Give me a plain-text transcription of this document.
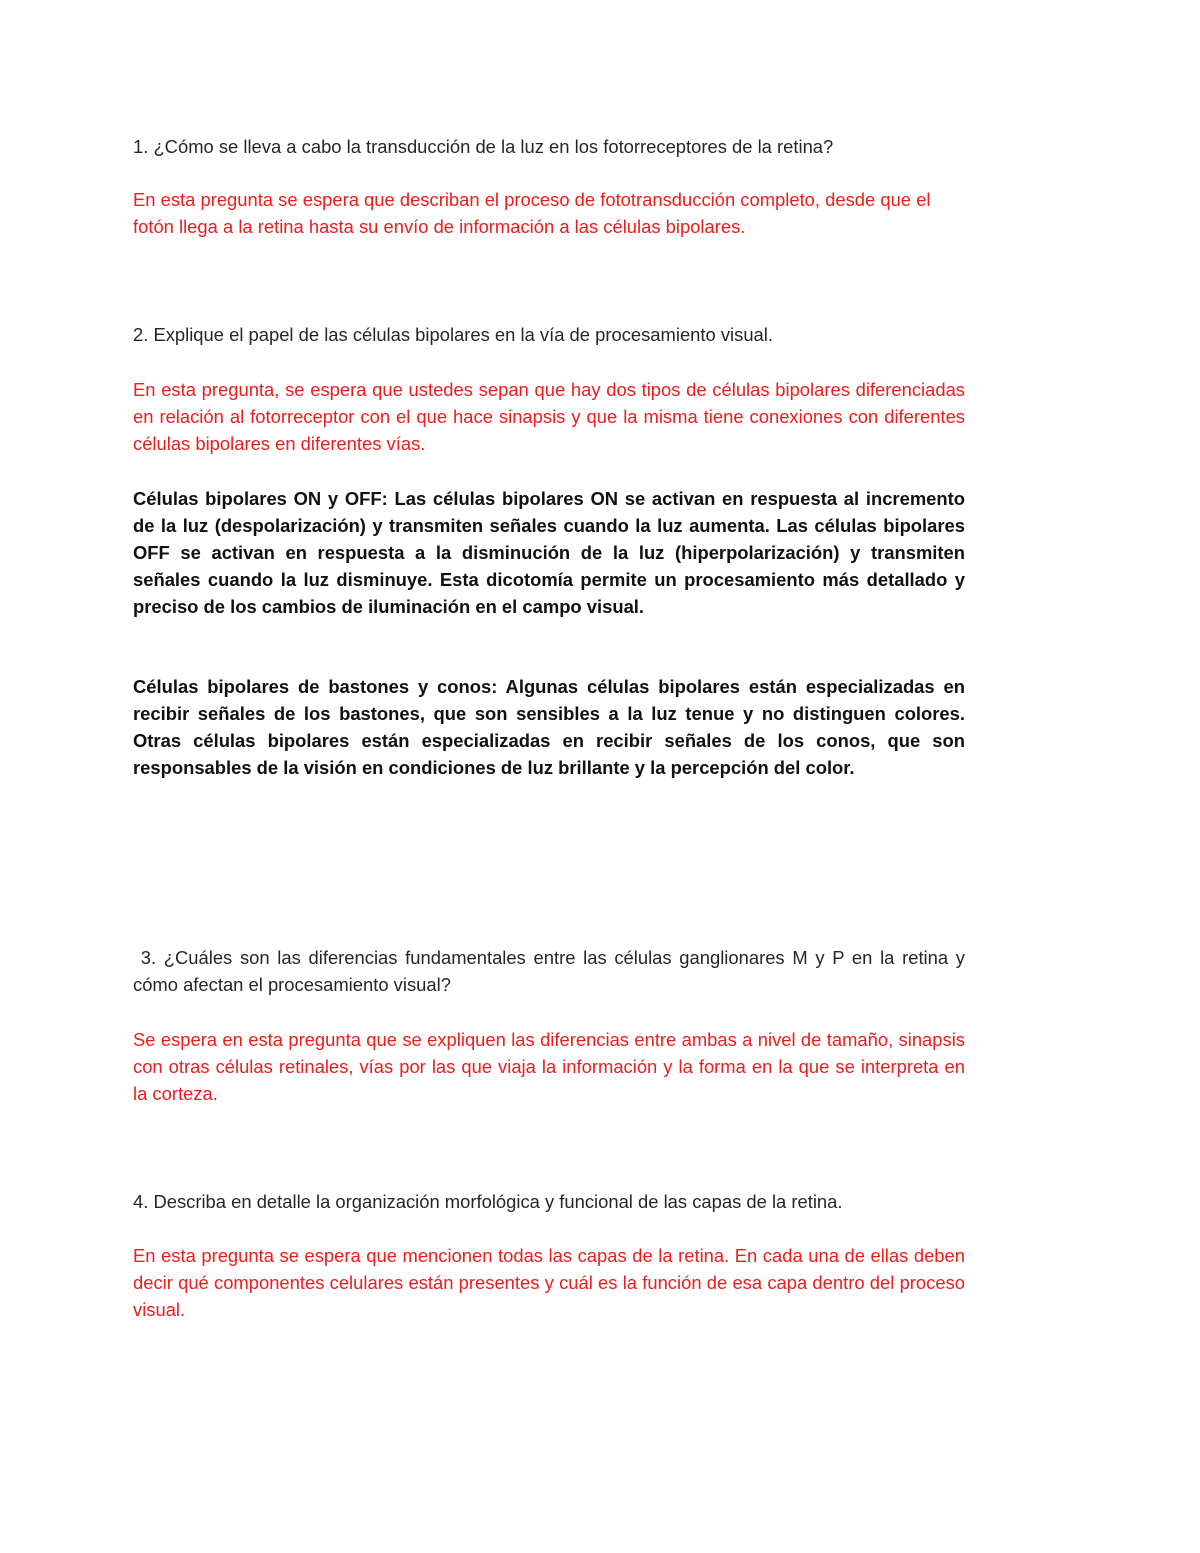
1. ¿Cómo se lleva a cabo la transducción de la luz en los fotorreceptores de la retina?

En esta pregunta se espera que describan el proceso de fototransducción completo, desde que el fotón llega a la retina hasta su envío de información a las células bipolares.

2. Explique el papel de las células bipolares en la vía de procesamiento visual.

En esta pregunta, se espera que ustedes sepan que hay dos tipos de células bipolares diferenciadas en relación al fotorreceptor con el que hace sinapsis y que la misma tiene conexiones con diferentes células bipolares en diferentes vías.

Células bipolares ON y OFF: Las células bipolares ON se activan en respuesta al incremento de la luz (despolarización) y transmiten señales cuando la luz aumenta. Las células bipolares OFF se activan en respuesta a la disminución de la luz (hiperpolarización) y transmiten señales cuando la luz disminuye. Esta dicotomía permite un procesamiento más detallado y preciso de los cambios de iluminación en el campo visual.

Células bipolares de bastones y conos: Algunas células bipolares están especializadas en recibir señales de los bastones, que son sensibles a la luz tenue y no distinguen colores. Otras células bipolares están especializadas en recibir señales de los conos, que son responsables de la visión en condiciones de luz brillante y la percepción del color.

3. ¿Cuáles son las diferencias fundamentales entre las células ganglionares M y P en la retina y cómo afectan el procesamiento visual?

Se espera en esta pregunta que se expliquen las diferencias entre ambas a nivel de tamaño, sinapsis con otras células retinales, vías por las que viaja la información y la forma en la que se interpreta en la corteza.

4. Describa en detalle la organización morfológica y funcional de las capas de la retina.

En esta pregunta se espera que mencionen todas las capas de la retina. En cada una de ellas deben decir qué componentes celulares están presentes y cuál es la función de esa capa dentro del proceso visual.
